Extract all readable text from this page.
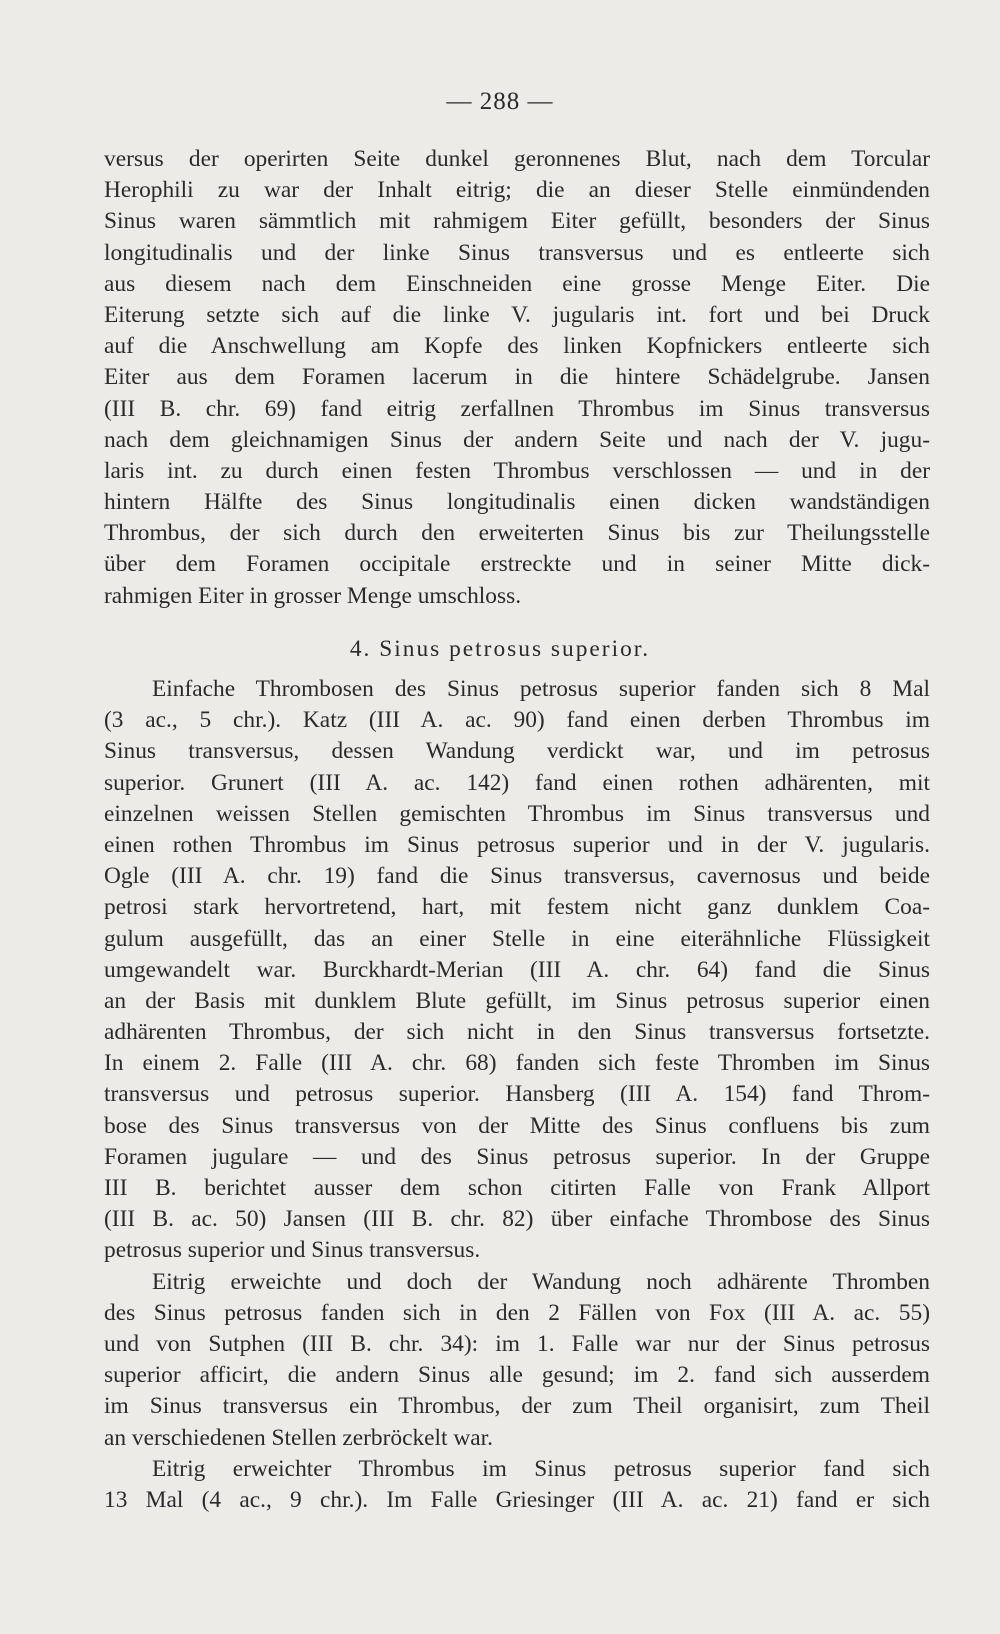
— 288 —
versus der operirten Seite dunkel geronnenes Blut, nach dem Torcular
Herophili zu war der Inhalt eitrig; die an dieser Stelle einmündenden
Sinus waren sämmtlich mit rahmigem Eiter gefüllt, besonders der Sinus
longitudinalis und der linke Sinus transversus und es entleerte sich
aus diesem nach dem Einschneiden eine grosse Menge Eiter. Die
Eiterung setzte sich auf die linke V. jugularis int. fort und bei Druck
auf die Anschwellung am Kopfe des linken Kopfnickers entleerte sich
Eiter aus dem Foramen lacerum in die hintere Schädelgrube. Jansen
(III B. chr. 69) fand eitrig zerfallnen Thrombus im Sinus transversus
nach dem gleichnamigen Sinus der andern Seite und nach der V. jugu-
laris int. zu durch einen festen Thrombus verschlossen — und in der
hintern Hälfte des Sinus longitudinalis einen dicken wandständigen
Thrombus, der sich durch den erweiterten Sinus bis zur Theilungsstelle
über dem Foramen occipitale erstreckte und in seiner Mitte dick-
rahmigen Eiter in grosser Menge umschloss.
4. Sinus petrosus superior.
Einfache Thrombosen des Sinus petrosus superior fanden sich 8 Mal
(3 ac., 5 chr.). Katz (III A. ac. 90) fand einen derben Thrombus im
Sinus transversus, dessen Wandung verdickt war, und im petrosus
superior. Grunert (III A. ac. 142) fand einen rothen adhärenten, mit
einzelnen weissen Stellen gemischten Thrombus im Sinus transversus und
einen rothen Thrombus im Sinus petrosus superior und in der V. jugularis.
Ogle (III A. chr. 19) fand die Sinus transversus, cavernosus und beide
petrosi stark hervortretend, hart, mit festem nicht ganz dunklem Coa-
gulum ausgefüllt, das an einer Stelle in eine eiterähnliche Flüssigkeit
umgewandelt war. Burckhardt-Merian (III A. chr. 64) fand die Sinus
an der Basis mit dunklem Blute gefüllt, im Sinus petrosus superior einen
adhärenten Thrombus, der sich nicht in den Sinus transversus fortsetzte.
In einem 2. Falle (III A. chr. 68) fanden sich feste Thromben im Sinus
transversus und petrosus superior. Hansberg (III A. 154) fand Throm-
bose des Sinus transversus von der Mitte des Sinus confluens bis zum
Foramen jugulare — und des Sinus petrosus superior. In der Gruppe
III B. berichtet ausser dem schon citirten Falle von Frank Allport
(III B. ac. 50) Jansen (III B. chr. 82) über einfache Thrombose des Sinus
petrosus superior und Sinus transversus.
Eitrig erweichte und doch der Wandung noch adhärente Thromben
des Sinus petrosus fanden sich in den 2 Fällen von Fox (III A. ac. 55)
und von Sutphen (III B. chr. 34): im 1. Falle war nur der Sinus petrosus
superior afficirt, die andern Sinus alle gesund; im 2. fand sich ausserdem
im Sinus transversus ein Thrombus, der zum Theil organisirt, zum Theil
an verschiedenen Stellen zerbröckelt war.
Eitrig erweichter Thrombus im Sinus petrosus superior fand sich
13 Mal (4 ac., 9 chr.). Im Falle Griesinger (III A. ac. 21) fand er sich
